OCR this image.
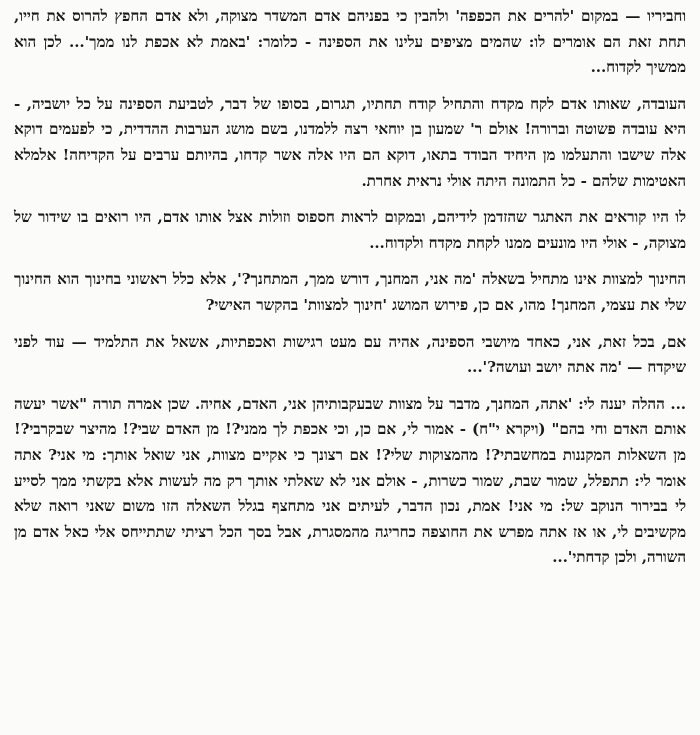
וחביריו — במקום 'להרים את הכפפה' ולהבין כי בפניהם אדם המשדר מצוקה, ולא אדם החפץ להרוס את חייו, תחת זאת הם אומרים לו: שהמים מציפים עלינו את הספינה - כלומר: 'באמת לא אכפת לנו ממך'... לכן הוא ממשיך לקדוח...

העובדה, שאותו אדם לקח מקדח והתחיל קודח תחתיו, תגרום, בסופו של דבר, לטביעת הספינה על כל יושביה, - היא עובדה פשוטה וברורה! אולם ר' שמעון בן יוחאי רצה ללמדנו, בשם מושג הערבות ההדדית, כי לפעמים דוקא אלה שישבו והתעלמו מן היחיד הבודד בתאו, דוקא הם היו אלה אשר קדחו, בהיותם ערבים על הקדיחה! אלמלא האטימות שלהם - כל התמונה היתה אולי נראית אחרת.

לו היו קוראים את האתגר שהזדמן לידיהם, ובמקום לראות חספוס וזולות אצל אותו אדם, היו רואים בו שידור של מצוקה, - אולי היו מונעים ממנו לקחת מקדח ולקדוח...

החינוך למצוות אינו מתחיל בשאלה 'מה אני, המחנך, דורש ממך, המתחנך?', אלא כלל ראשוני בחינוך הוא החינוך שלי את עצמי, המחנך! מהו, אם כן, פירוש המושג 'חינוך למצוות' בהקשר האישי?

אם, בכל זאת, אני, כאחד מיושבי הספינה, אהיה עם מעט רגישות ואכפתיות, אשאל את התלמיד — עוד לפני שיקדח — 'מה אתה יושב ועושה?'...

... ההלה יענה לי: 'אתה, המחנך, מדבר על מצוות שבעקבותיהן אני, האדם, אחיה. שכן אמרה תורה "אשר יעשה אותם האדם וחי בהם" (ויקרא י"ח) - אמור לי, אם כן, וכי אכפת לך ממני?! מן האדם שבי?! מהיצר שבקרבי?! מן השאלות המקננות במחשבתי?! מהמצוקות שלי?! אם רצונך כי אקיים מצוות, אני שואל אותך: מי אני? אתה אומר לי: תתפלל, שמור שבת, שמור כשרות, - אולם אני לא שאלתי אותך רק מה לעשות אלא בקשתי ממך לסייע לי בבירור הנוקב של: מי אני! אמת, נכון הדבר, לעיתים אני מתחצף בגלל השאלה הזו משום שאני רואה שלא מקשיבים לי, או אז אתה מפרש את החוצפה כחריגה מהמסגרת, אבל בסך הכל רציתי שתתייחס אלי כאל אדם מן השורה, ולכן קדחתי'...
